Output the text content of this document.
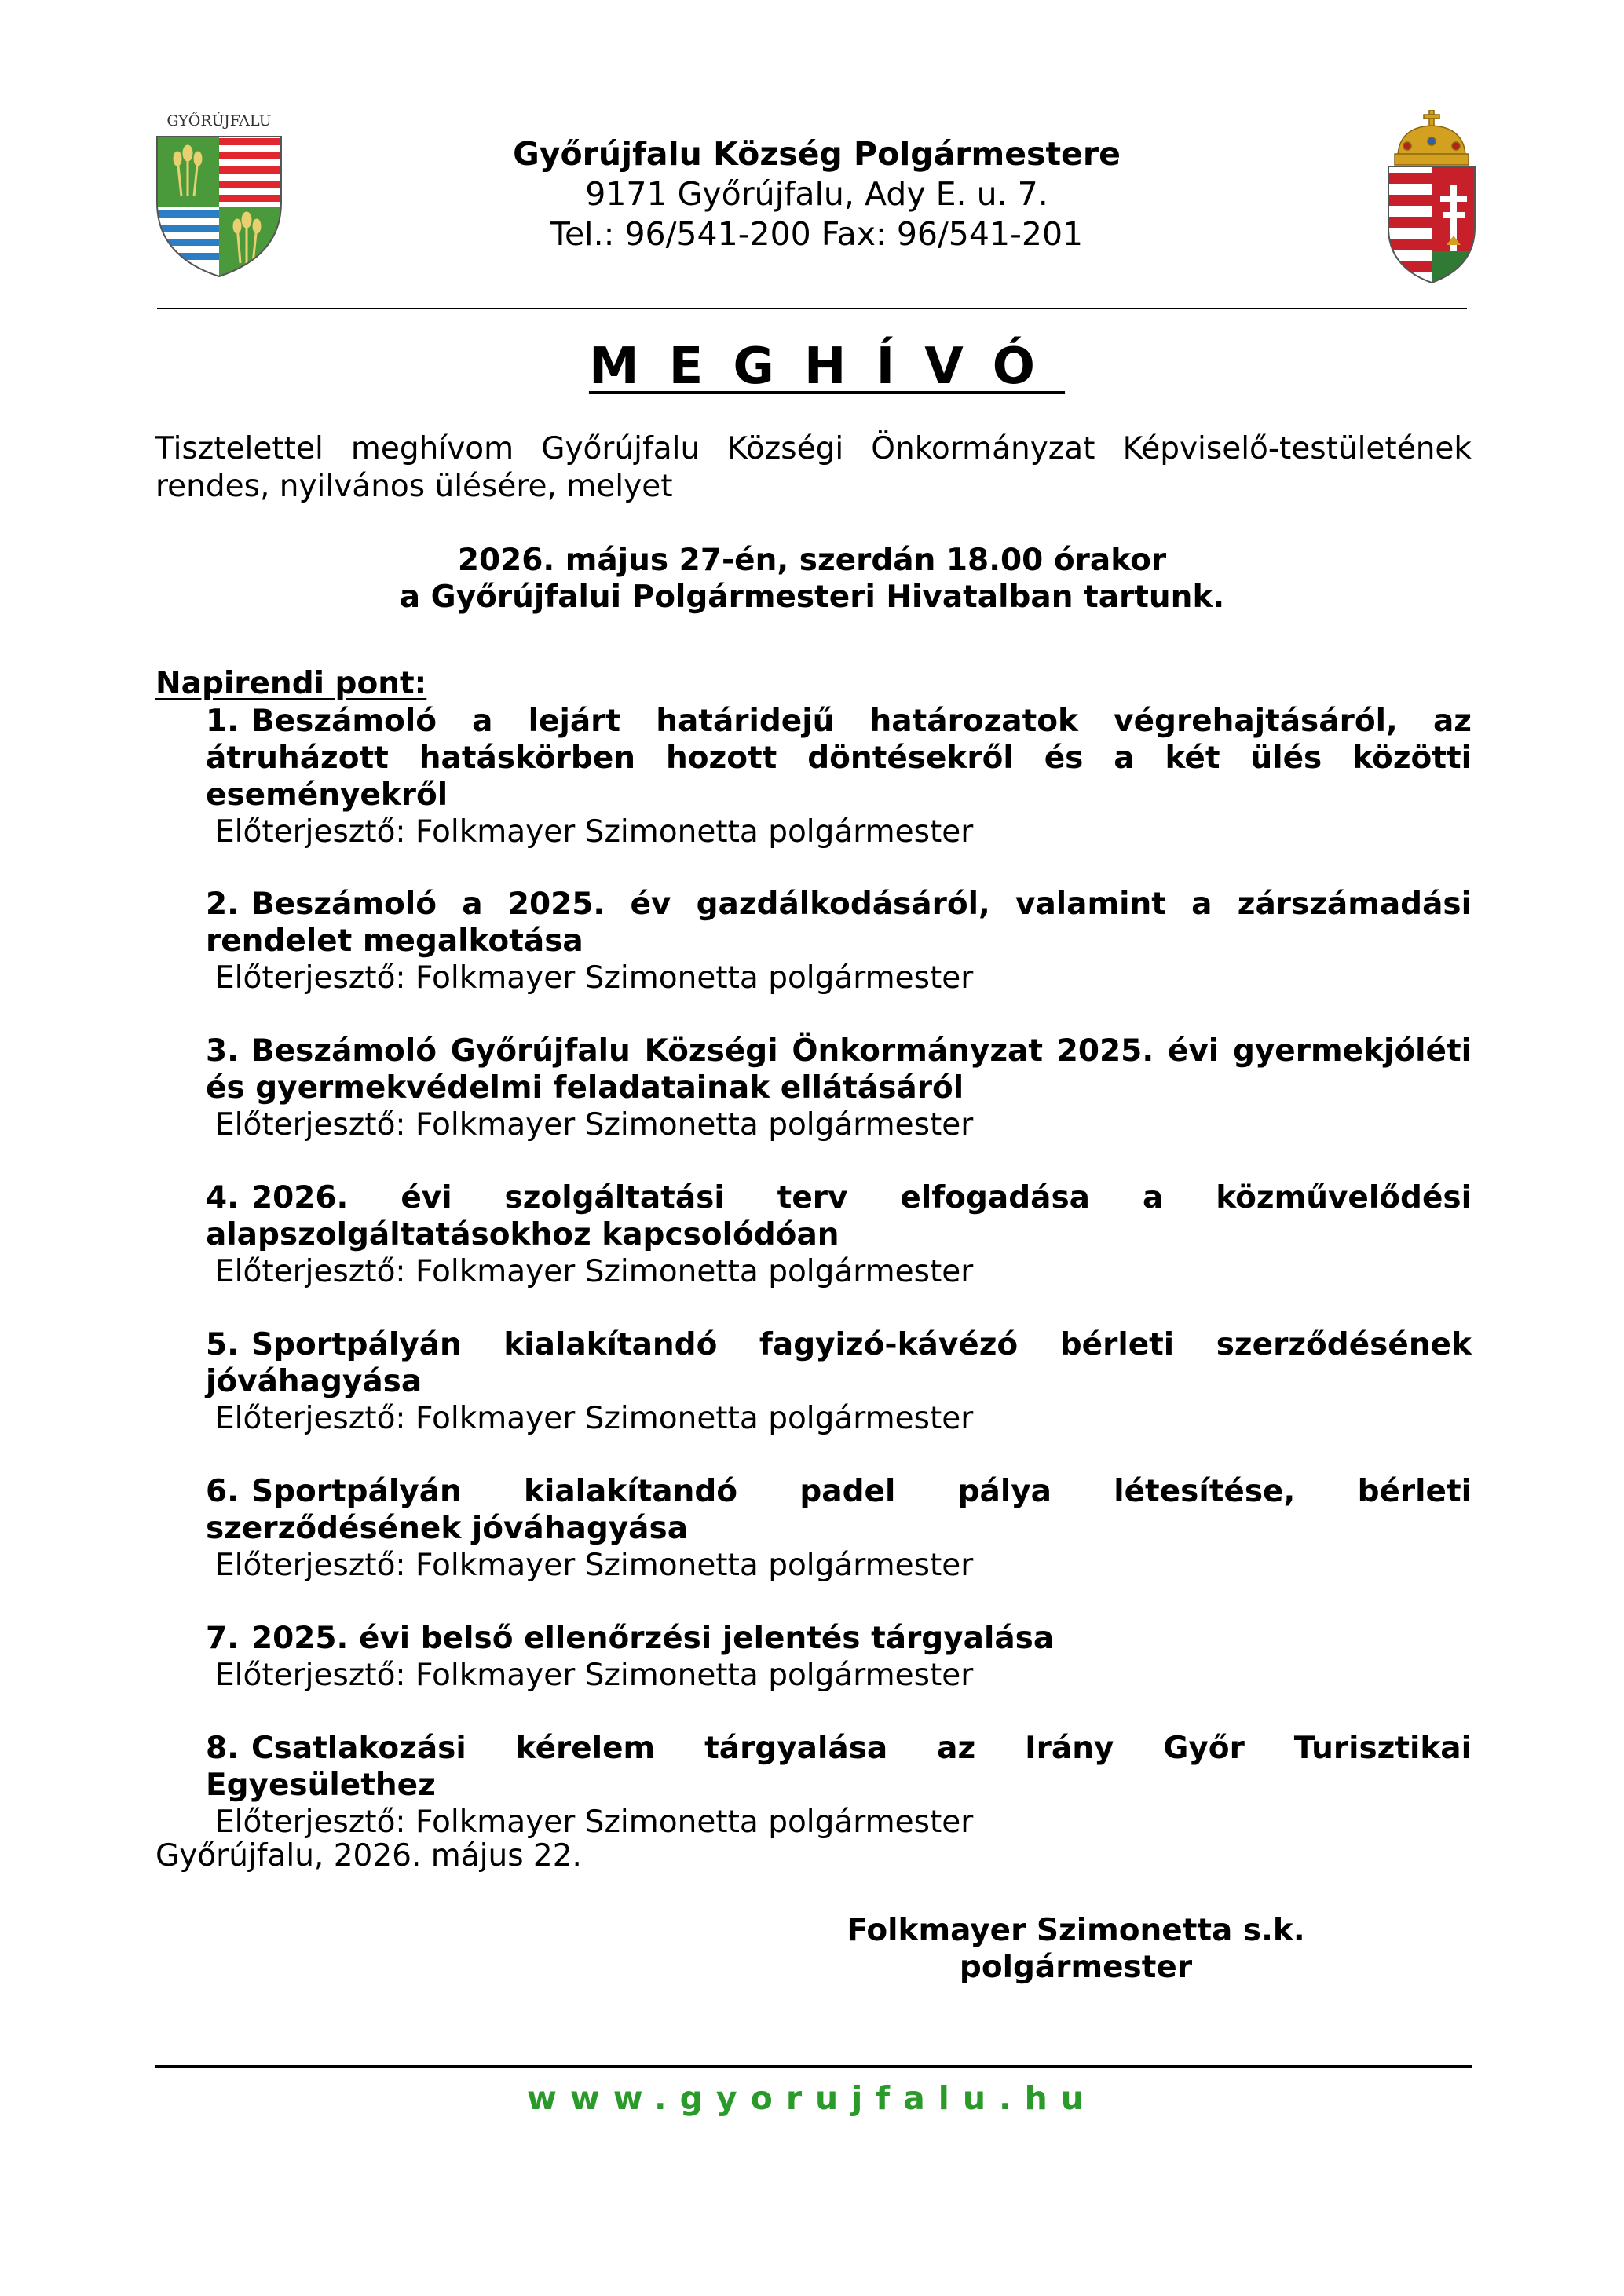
GYŐRÚJFALU
Győrújfalu Község Polgármestere
9171 Győrújfalu, Ady E. u. 7.
Tel.: 96/541-200 Fax: 96/541-201
MEGHÍVÓ
Tisztelettel meghívom Győrújfalu Községi Önkormányzat Képviselő-testületének
rendes, nyilvános ülésére, melyet
2026. május 27-én, szerdán 18.00 órakor
a Győrújfalui Polgármesteri Hivatalban tartunk.
Napirendi pont:
1. Beszámoló a lejárt határidejű határozatok végrehajtásáról, az átruházott hatáskörben hozott döntésekről és a két ülés közötti eseményekről
Előterjesztő: Folkmayer Szimonetta polgármester
2. Beszámoló a 2025. év gazdálkodásáról, valamint a zárszámadási rendelet megalkotása
Előterjesztő: Folkmayer Szimonetta polgármester
3. Beszámoló Győrújfalu Községi Önkormányzat 2025. évi gyermekjóléti és gyermekvédelmi feladatainak ellátásáról
Előterjesztő: Folkmayer Szimonetta polgármester
4. 2026. évi szolgáltatási terv elfogadása a közművelődési alapszolgáltatásokhoz kapcsolódóan
Előterjesztő: Folkmayer Szimonetta polgármester
5. Sportpályán kialakítandó fagyizó-kávézó bérleti szerződésének jóváhagyása
Előterjesztő: Folkmayer Szimonetta polgármester
6. Sportpályán kialakítandó padel pálya létesítése, bérleti szerződésének jóváhagyása
Előterjesztő: Folkmayer Szimonetta polgármester
7. 2025. évi belső ellenőrzési jelentés tárgyalása
Előterjesztő: Folkmayer Szimonetta polgármester
8. Csatlakozási kérelem tárgyalása az Irány Győr Turisztikai Egyesülethez
Előterjesztő: Folkmayer Szimonetta polgármester
Győrújfalu, 2026. május 22.
Folkmayer Szimonetta s.k.
polgármester
www.gyorujfalu.hu
